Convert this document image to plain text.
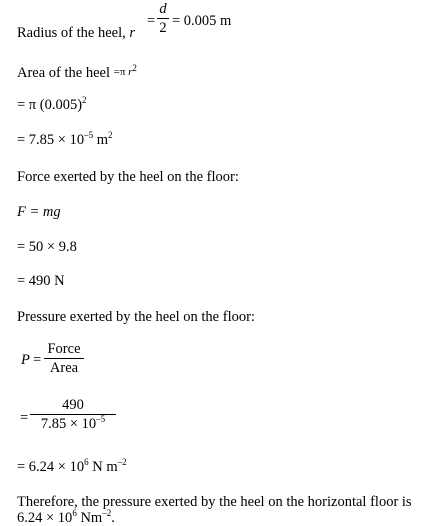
Radius of the heel, r
= $\frac{d}{2} = 0.005$ m
Area of the heel =π $r^2$
= π $(0.005)^2$
= $7.85 \times 10^{-5}$ $m^2$
Force exerted by the heel on the floor:
F = mg
= 50 × 9.8
= 490 N
Pressure exerted by the heel on the floor:
P =
Force
Area
= $\frac{490}{7.85 \times 10^{-5}}$
= $6.24 \times 10^6$ N $m^{-2}$
Therefore, the pressure exerted by the heel on the horizontal floor is
$6.24 \times 10^6$ $Nm^{-2}$.
